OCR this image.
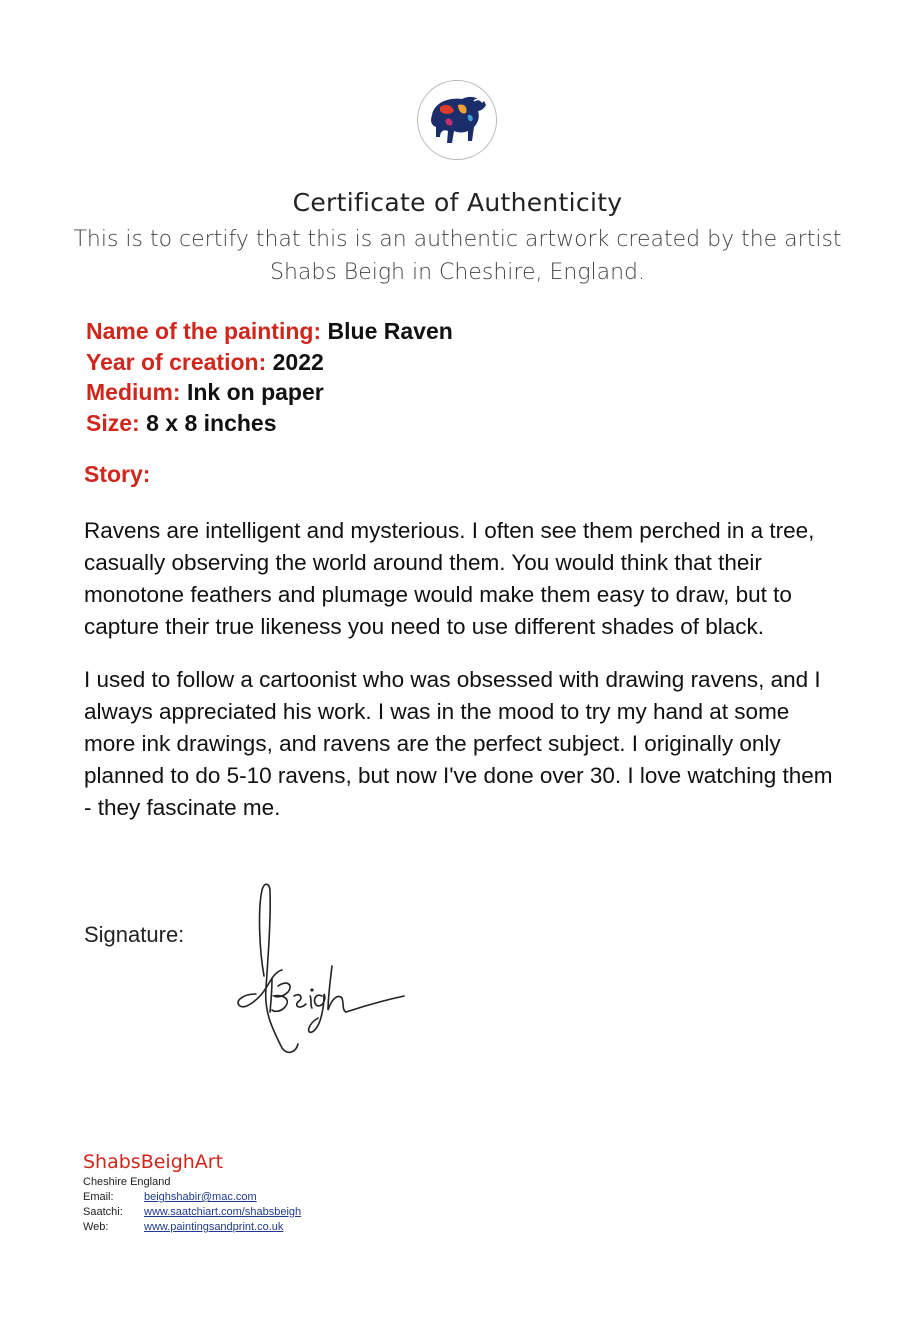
Certificate of Authenticity
This is to certify that this is an authentic artwork created by the artist
Shabs Beigh in Cheshire, England.
Name of the painting: Blue Raven
Year of creation: 2022
Medium: Ink on paper
Size: 8 x 8 inches
Story:

Ravens are intelligent and mysterious. I often see them perched in a tree, casually observing the world around them. You would think that their monotone feathers and plumage would make them easy to draw, but to capture their true likeness you need to use different shades of black.

I used to follow a cartoonist who was obsessed with drawing ravens, and I always appreciated his work. I was in the mood to try my hand at some more ink drawings, and ravens are the perfect subject. I originally only planned to do 5-10 ravens, but now I've done over 30. I love watching them - they fascinate me.

Signature:
ShabsBeighArt
Cheshire England
Email:	beighshabir@mac.com
Saatchi: www.saatchiart.com/shabsbeigh
Web:	www.paintingsandprint.co.uk
